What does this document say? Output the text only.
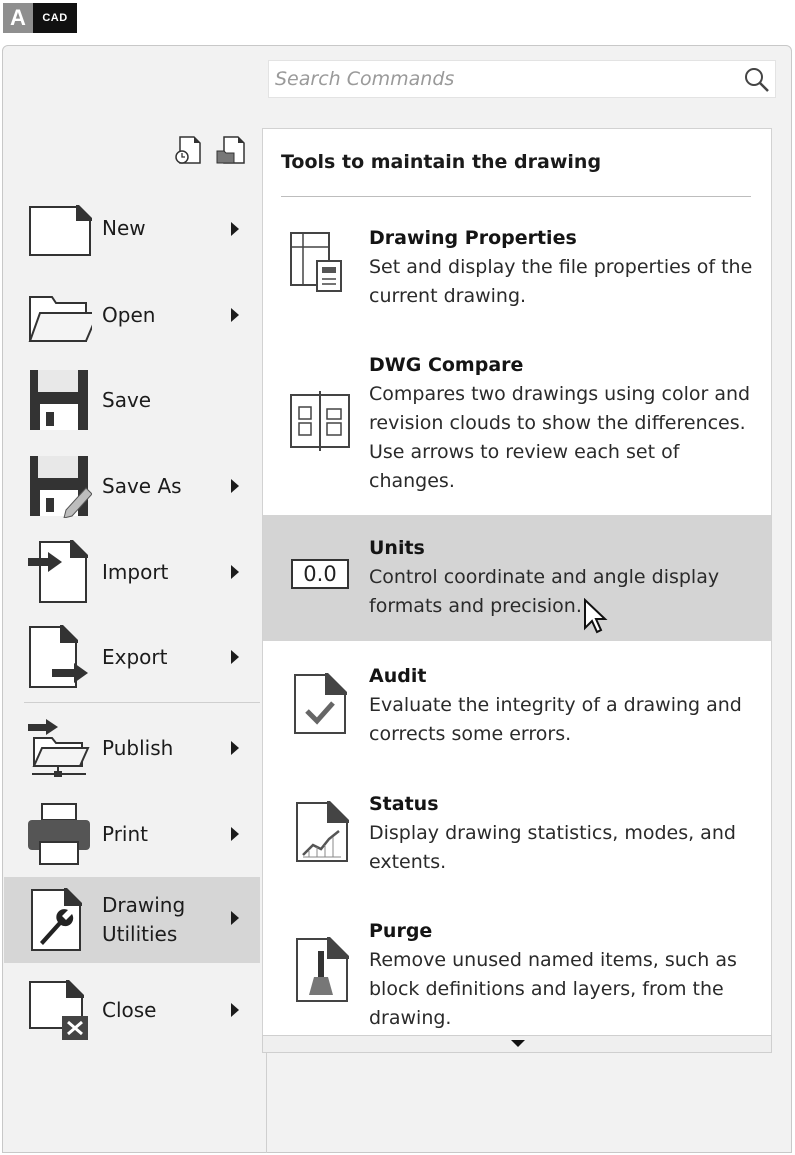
A	CAD
Search Commands
New
Open
Save
Save As
Import
Export
Publish
Print
Drawing
Utilities
Close
Tools to maintain the drawing
Drawing Properties
Set and display the file properties of the current drawing.
DWG Compare
Compares two drawings using color and revision clouds to show the differences. Use arrows to review each set of changes.
0.0
Units
Control coordinate and angle display formats and precision.
Audit
Evaluate the integrity of a drawing and corrects some errors.
Status
Display drawing statistics, modes, and extents.
Purge
Remove unused named items, such as block definitions and layers, from the drawing.
